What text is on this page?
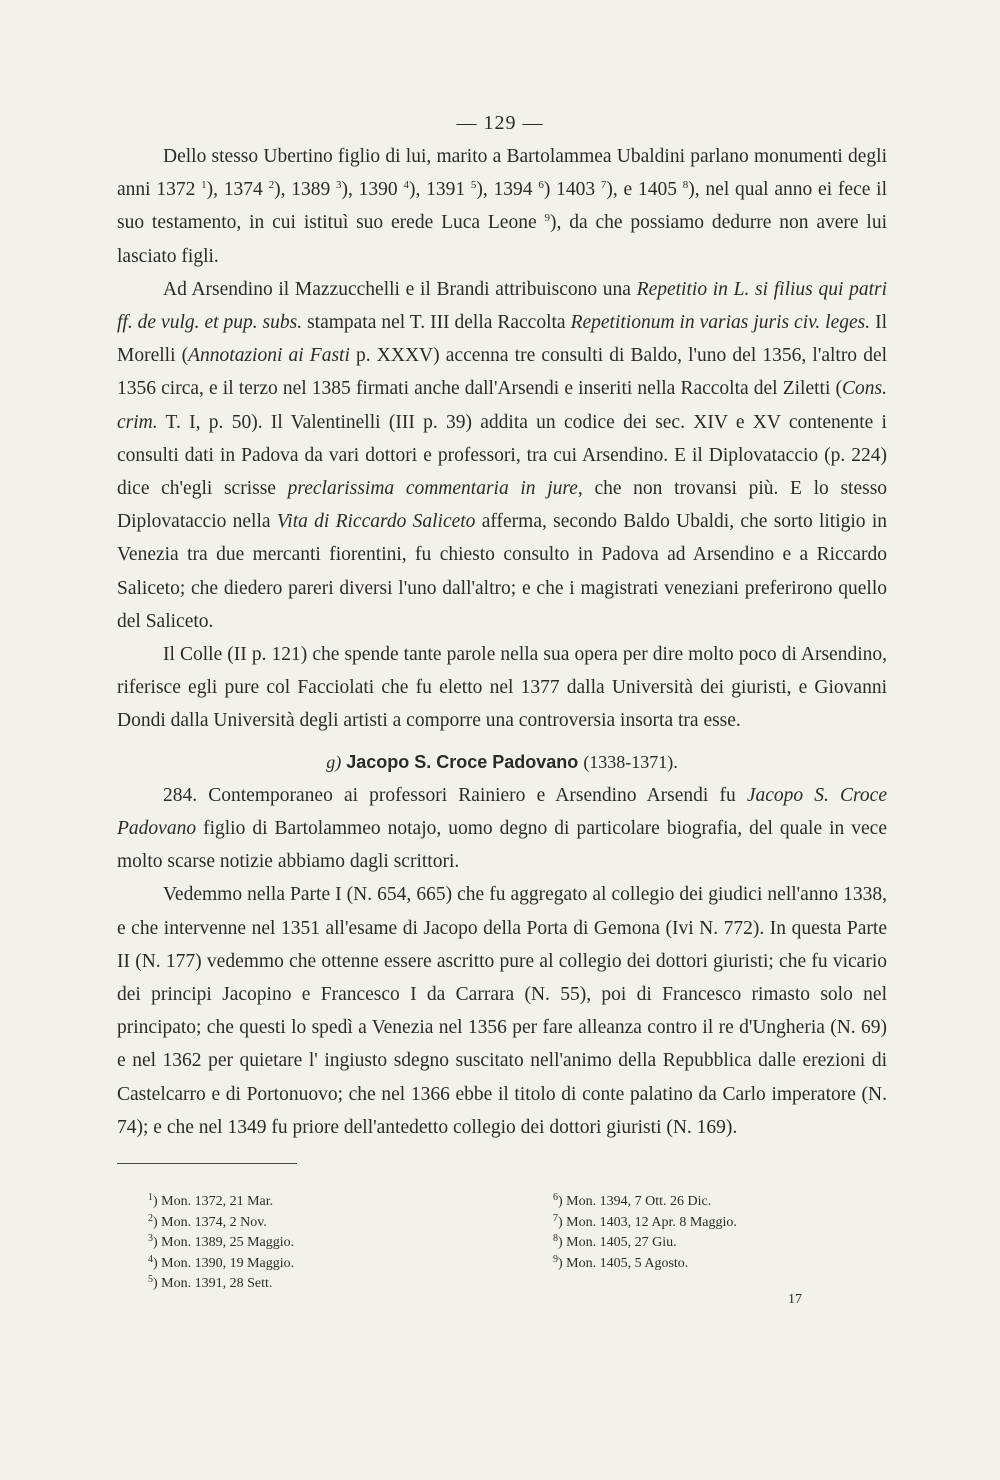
— 129 —

Dello stesso Ubertino figlio di lui, marito a Bartolammea Ubaldini parlano monumenti degli anni 1372 $^1$), 1374 $^2$), 1389 $^3$), 1390 $^4$), 1391 $^5$), 1394 $^6$) 1403 $^7$), e 1405 $^8$), nel qual anno ei fece il suo testamento, in cui istituì suo erede Luca Leone $^9$), da che possiamo dedurre non avere lui lasciato figli.

Ad Arsendino il Mazzucchelli e il Brandi attribuiscono una Repetitio in L. si filius qui patri ff. de vulg. et pup. subs. stampata nel T. III della Raccolta Repetitionum in varias juris civ. leges. Il Morelli (Annotazioni ai Fasti p. XXXV) accenna tre consulti di Baldo, l'uno del 1356, l'altro del 1356 circa, e il terzo nel 1385 firmati anche dall'Arsendi e inseriti nella Raccolta del Ziletti (Cons. crim. T. I, p. 50). Il Valentinelli (III p. 39) addita un codice dei sec. XIV e XV contenente i consulti dati in Padova da vari dottori e professori, tra cui Arsendino. E il Diplovataccio (p. 224) dice ch'egli scrisse preclarissima commentaria in jure, che non trovansi più. E lo stesso Diplovataccio nella Vita di Riccardo Saliceto afferma, secondo Baldo Ubaldi, che sorto litigio in Venezia tra due mercanti fiorentini, fu chiesto consulto in Padova ad Arsendino e a Riccardo Saliceto; che diedero pareri diversi l'uno dall'altro; e che i magistrati veneziani preferirono quello del Saliceto.

Il Colle (II p. 121) che spende tante parole nella sua opera per dire molto poco di Arsendino, riferisce egli pure col Facciolati che fu eletto nel 1377 dalla Università dei giuristi, e Giovanni Dondi dalla Università degli artisti a comporre una controversia insorta tra esse.

g) Jacopo S. Croce Padovano (1338-1371).

284. Contemporaneo ai professori Rainiero e Arsendino Arsendi fu Jacopo S. Croce Padovano figlio di Bartolammeo notajo, uomo degno di particolare biografia, del quale in vece molto scarse notizie abbiamo dagli scrittori.

Vedemmo nella Parte I (N. 654, 665) che fu aggregato al collegio dei giudici nell'anno 1338, e che intervenne nel 1351 all'esame di Jacopo della Porta di Gemona (Ivi N. 772). In questa Parte II (N. 177) vedemmo che ottenne essere ascritto pure al collegio dei dottori giuristi; che fu vicario dei principi Jacopino e Francesco I da Carrara (N. 55), poi di Francesco rimasto solo nel principato; che questi lo spedì a Venezia nel 1356 per fare alleanza contro il re d'Ungheria (N. 69) e nel 1362 per quietare l' ingiusto sdegno suscitato nell'animo della Repubblica dalle erezioni di Castelcarro e di Portonuovo; che nel 1366 ebbe il titolo di conte palatino da Carlo imperatore (N. 74); e che nel 1349 fu priore dell'antedetto collegio dei dottori giuristi (N. 169).

$^1$) Mon. 1372, 21 Mar.
$^2$) Mon. 1374, 2 Nov.
$^3$) Mon. 1389, 25 Maggio.
$^4$) Mon. 1390, 19 Maggio.
$^5$) Mon. 1391, 28 Sett.
$^6$) Mon. 1394, 7 Ott. 26 Dic.
$^7$) Mon. 1403, 12 Apr. 8 Maggio.
$^8$) Mon. 1405, 27 Giu.
$^9$) Mon. 1405, 5 Agosto.
17
